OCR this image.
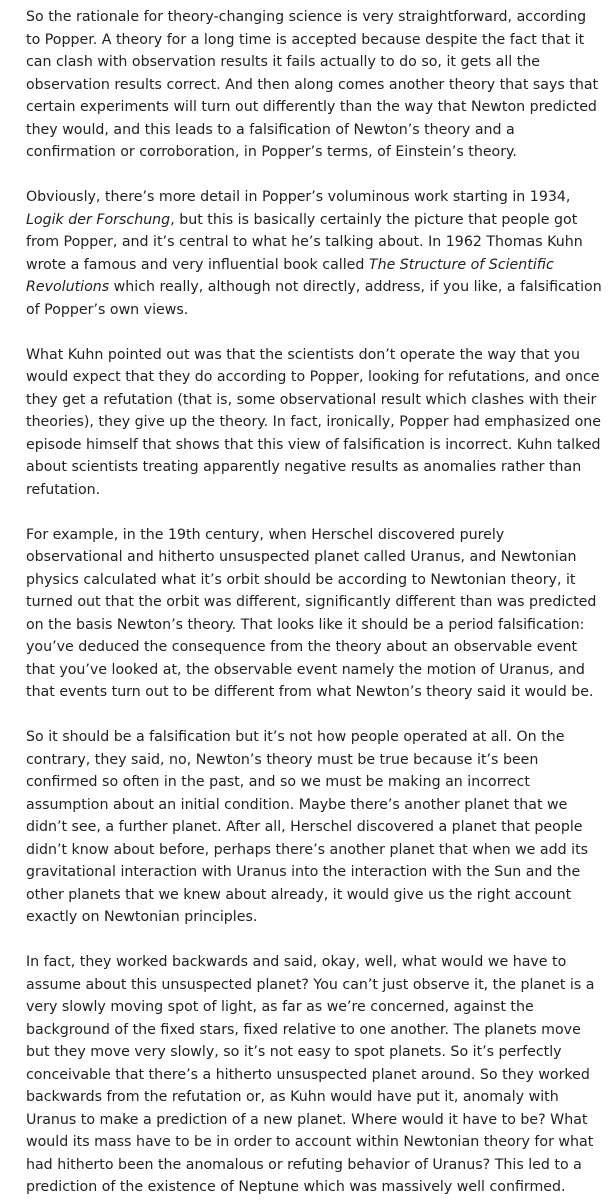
So the rationale for theory-changing science is very straightforward, according to Popper. A theory for a long time is accepted because despite the fact that it can clash with observation results it fails actually to do so, it gets all the observation results correct. And then along comes another theory that says that certain experiments will turn out differently than the way that Newton predicted they would, and this leads to a falsification of Newton’s theory and a confirmation or corroboration, in Popper’s terms, of Einstein’s theory.

Obviously, there’s more detail in Popper’s voluminous work starting in 1934, Logik der Forschung, but this is basically certainly the picture that people got from Popper, and it’s central to what he’s talking about. In 1962 Thomas Kuhn wrote a famous and very influential book called The Structure of Scientific Revolutions which really, although not directly, address, if you like, a falsification of Popper’s own views.

What Kuhn pointed out was that the scientists don’t operate the way that you would expect that they do according to Popper, looking for refutations, and once they get a refutation (that is, some observational result which clashes with their theories), they give up the theory. In fact, ironically, Popper had emphasized one episode himself that shows that this view of falsification is incorrect. Kuhn talked about scientists treating apparently negative results as anomalies rather than refutation.

For example, in the 19th century, when Herschel discovered purely observational and hitherto unsuspected planet called Uranus, and Newtonian physics calculated what it’s orbit should be according to Newtonian theory, it turned out that the orbit was different, significantly different than was predicted on the basis Newton’s theory. That looks like it should be a period falsification: you’ve deduced the consequence from the theory about an observable event that you’ve looked at, the observable event namely the motion of Uranus, and that events turn out to be different from what Newton’s theory said it would be.

So it should be a falsification but it’s not how people operated at all. On the contrary, they said, no, Newton’s theory must be true because it’s been confirmed so often in the past, and so we must be making an incorrect assumption about an initial condition. Maybe there’s another planet that we didn’t see, a further planet. After all, Herschel discovered a planet that people didn’t know about before, perhaps there’s another planet that when we add its gravitational interaction with Uranus into the interaction with the Sun and the other planets that we knew about already, it would give us the right account exactly on Newtonian principles.

In fact, they worked backwards and said, okay, well, what would we have to assume about this unsuspected planet? You can’t just observe it, the planet is a very slowly moving spot of light, as far as we’re concerned, against the background of the fixed stars, fixed relative to one another. The planets move but they move very slowly, so it’s not easy to spot planets. So it’s perfectly conceivable that there’s a hitherto unsuspected planet around. So they worked backwards from the refutation or, as Kuhn would have put it, anomaly with Uranus to make a prediction of a new planet. Where would it have to be? What would its mass have to be in order to account within Newtonian theory for what had hitherto been the anomalous or refuting behavior of Uranus? This led to a prediction of the existence of Neptune which was massively well confirmed.
